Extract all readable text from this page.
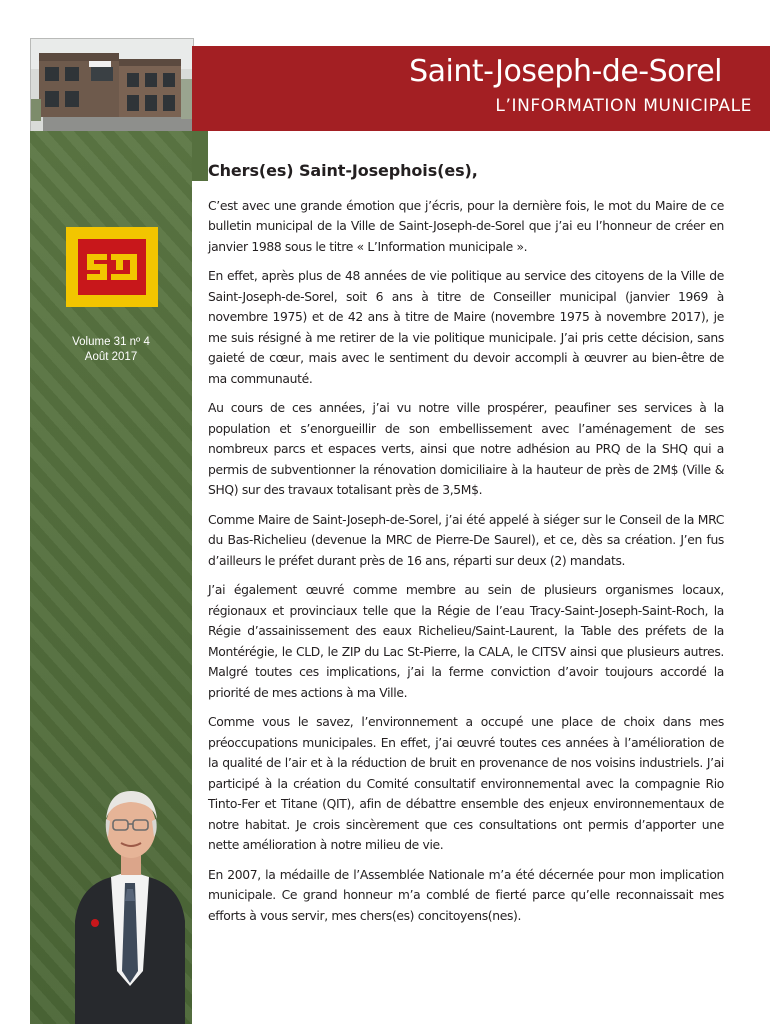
Saint-Joseph-de-Sorel
L’INFORMATION MUNICIPALE
Volume 31 nº 4
Août 2017
Chers(es) Saint-Josephois(es),

C’est avec une grande émotion que j’écris, pour la dernière fois, le mot du Maire de ce bulletin municipal de la Ville de Saint-Joseph-de-Sorel que j’ai eu l’honneur de créer en janvier 1988 sous le titre « L’Information municipale ».

En effet, après plus de 48 années de vie politique au service des citoyens de la Ville de Saint-Joseph-de-Sorel, soit 6 ans à titre de Conseiller municipal (janvier 1969 à novembre 1975) et de 42 ans à titre de Maire (novembre 1975 à novembre 2017), je me suis résigné à me retirer de la vie politique municipale. J’ai pris cette décision, sans gaieté de cœur, mais avec le sentiment du devoir accompli à œuvrer au bien-être de ma communauté.

Au cours de ces années, j’ai vu notre ville prospérer, peaufiner ses services à la population et s’enorgueillir de son embellissement avec l’aménagement de ses nombreux parcs et espaces verts, ainsi que notre adhésion au PRQ de la SHQ qui a permis de subventionner la rénovation domiciliaire à la hauteur de près de 2M$ (Ville & SHQ) sur des travaux totalisant près de 3,5M$.

Comme Maire de Saint-Joseph-de-Sorel, j’ai été appelé à siéger sur le Conseil de la MRC du Bas-Richelieu (devenue la MRC de Pierre-De Saurel), et ce, dès sa création. J’en fus d’ailleurs le préfet durant près de 16 ans, réparti sur deux (2) mandats.

J’ai également œuvré comme membre au sein de plusieurs organismes locaux, régionaux et provinciaux telle que la Régie de l’eau Tracy-Saint-Joseph-Saint-Roch, la Régie d’assainissement des eaux Richelieu/Saint-Laurent, la Table des préfets de la Montérégie, le CLD, le ZIP du Lac St-Pierre, la CALA, le CITSV ainsi que plusieurs autres. Malgré toutes ces implications, j’ai la ferme conviction d’avoir toujours accordé la priorité de mes actions à ma Ville.

Comme vous le savez, l’environnement a occupé une place de choix dans mes préoccupations municipales. En effet, j’ai œuvré toutes ces années à l’amélioration de la qualité de l’air et à la réduction de bruit en provenance de nos voisins industriels. J’ai participé à la création du Comité consultatif environnemental avec la compagnie Rio Tinto-Fer et Titane (QIT), afin de débattre ensemble des enjeux environnementaux de notre habitat. Je crois sincèrement que ces consultations ont permis d’apporter une nette amélioration à notre milieu de vie.

En 2007, la médaille de l’Assemblée Nationale m’a été décernée pour mon implication municipale. Ce grand honneur m’a comblé de fierté parce qu’elle reconnaissait mes efforts à vous servir, mes chers(es) concitoyens(nes).
